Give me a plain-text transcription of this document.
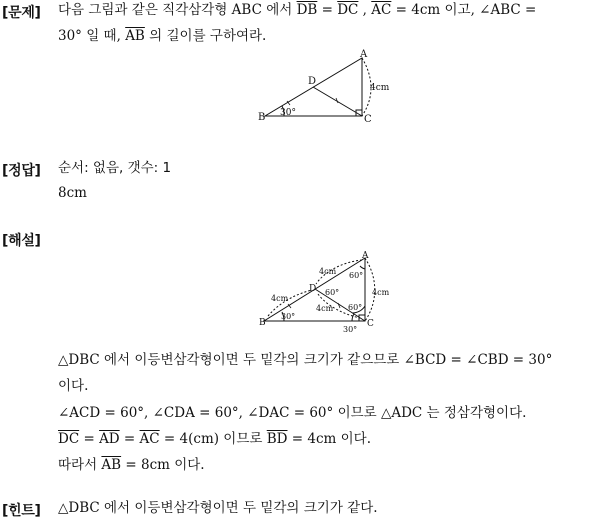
[문제] 다음 그림과 같은 직각삼각형 ABC 에서 $\overline{DB} = \overline{DC}$ , $\overline{AC} = 4cm$ 이고, ∠ABC =
30° 일 때, $\overline{AB}$ 의 길이를 구하여라.
A
B	C
D
30°
4cm
[정답] 순서: 없음, 갯수: 1
8cm
[해설]
A
B	C
D
4cm
4cm
4cm
4cm
60°
60°
60°
30°
30°
△DBC 에서 이등변삼각형이면 두 밑각의 크기가 같으므로 ∠BCD = ∠CBD = 30°
이다.
∠ACD = 60°, ∠CDA = 60°, ∠DAC = 60° 이므로 △ADC 는 정삼각형이다.
$\overline{DC} = \overline{AD} = \overline{AC} = 4(cm)$ 이므로 $\overline{BD} = 4cm$ 이다.
따라서 $\overline{AB} = 8cm$ 이다.
[힌트] △DBC 에서 이등변삼각형이면 두 밑각의 크기가 같다.
